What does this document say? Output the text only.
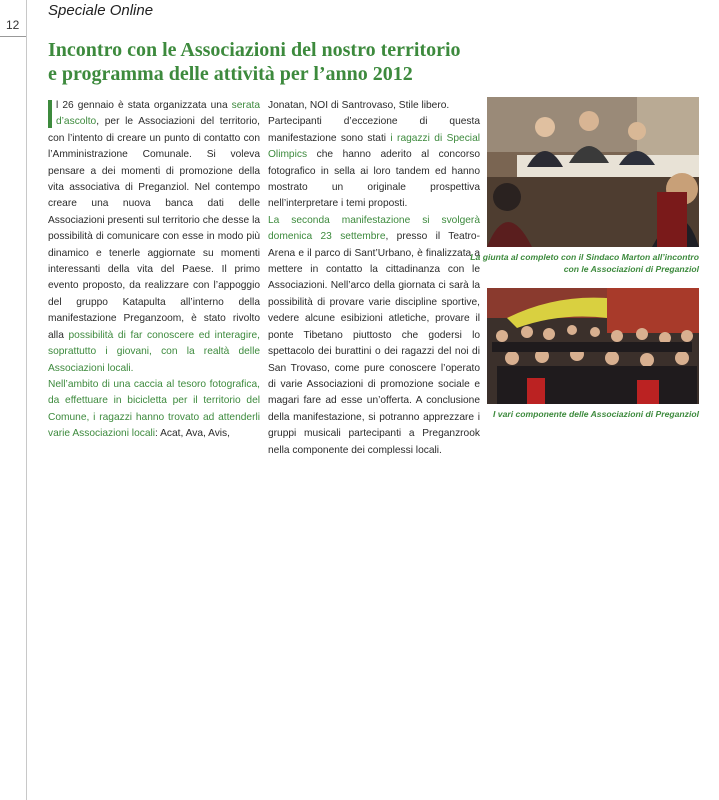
12
Speciale Online
Incontro con le Associazioni del nostro territorio
e programma delle attività per l’anno 2012

l 26 gennaio è stata organizzata una serata d’ascolto, per le Associazioni del territorio, con l’intento di creare un punto di contatto con l’Amministrazione Comunale. Si voleva pensare a dei momenti di promozione della vita associativa di Preganziol. Nel contempo creare una nuova banca dati delle Associazioni presenti sul territorio che desse la possibilità di comunicare con esse in modo più dinamico e tenerle aggiornate su momenti interessanti della vita del Paese. Il primo evento proposto, da realizzare con l’appoggio del gruppo Katapulta all’interno della manifestazione Preganzoom, è stato rivolto alla possibilità di far conoscere ed interagire, soprattutto i giovani, con la realtà delle Associazioni locali.

Nell’ambito di una caccia al tesoro fotografica, da effettuare in bicicletta per il territorio del Comune, i ragazzi hanno trovato ad attenderli varie Associazioni locali: Acat, Ava, Avis,

Jonatan, NOI di Santrovaso, Stile libero.

Partecipanti d’eccezione di questa manifestazione sono stati i ragazzi di Special Olimpics che hanno aderito al concorso fotografico in sella ai loro tandem ed hanno mostrato un originale prospettiva nell’interpretare i temi proposti.

La seconda manifestazione si svolgerà domenica 23 settembre, presso il Teatro- Arena e il parco di Sant’Urbano, è finalizzata a mettere in contatto la cittadinanza con le Associazioni. Nell’arco della giornata ci sarà la possibilità di provare varie discipline sportive, vedere alcune esibizioni atletiche, provare il ponte Tibetano piuttosto che godersi lo spettacolo dei burattini o dei ragazzi del noi di San Trovaso, come pure conoscere l’operato di varie Associazioni di promozione sociale e magari fare ad esse un’offerta. A conclusione della manifestazione, si potranno apprezzare i gruppi musicali partecipanti a Preganzrook nella componente dei complessi locali.

La giunta al completo con il Sindaco Marton all’incontro con le Associazioni di Preganziol
I vari componente delle Associazioni di Preganziol
